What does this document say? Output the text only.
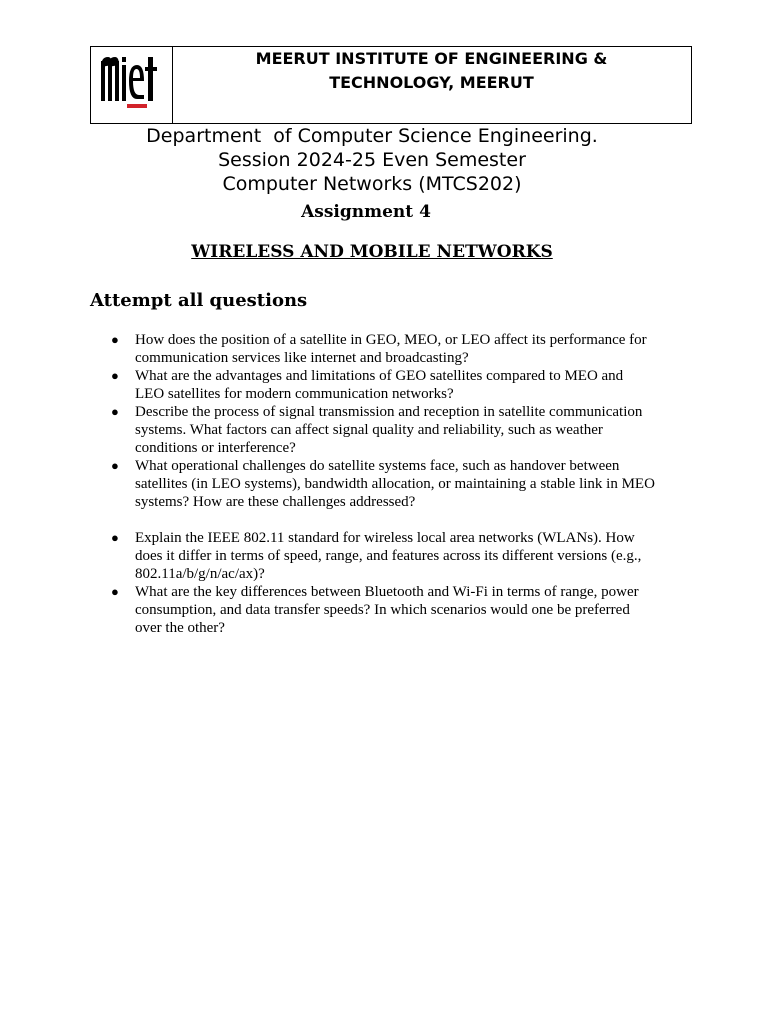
MEERUT INSTITUTE OF ENGINEERING &
TECHNOLOGY, MEERUT
Department  of Computer Science Engineering.
Session 2024-25 Even Semester
Computer Networks (MTCS202)
Assignment 4
WIRELESS AND MOBILE NETWORKS
Attempt all questions
● How does the position of a satellite in GEO, MEO, or LEO affect its performance for communication services like internet and broadcasting?
● What are the advantages and limitations of GEO satellites compared to MEO and LEO satellites for modern communication networks?
● Describe the process of signal transmission and reception in satellite communication systems. What factors can affect signal quality and reliability, such as weather conditions or interference?
● What operational challenges do satellite systems face, such as handover between satellites (in LEO systems), bandwidth allocation, or maintaining a stable link in MEO systems? How are these challenges addressed?
● Explain the IEEE 802.11 standard for wireless local area networks (WLANs). How does it differ in terms of speed, range, and features across its different versions (e.g., 802.11a/b/g/n/ac/ax)?
● What are the key differences between Bluetooth and Wi-Fi in terms of range, power consumption, and data transfer speeds? In which scenarios would one be preferred over the other?
